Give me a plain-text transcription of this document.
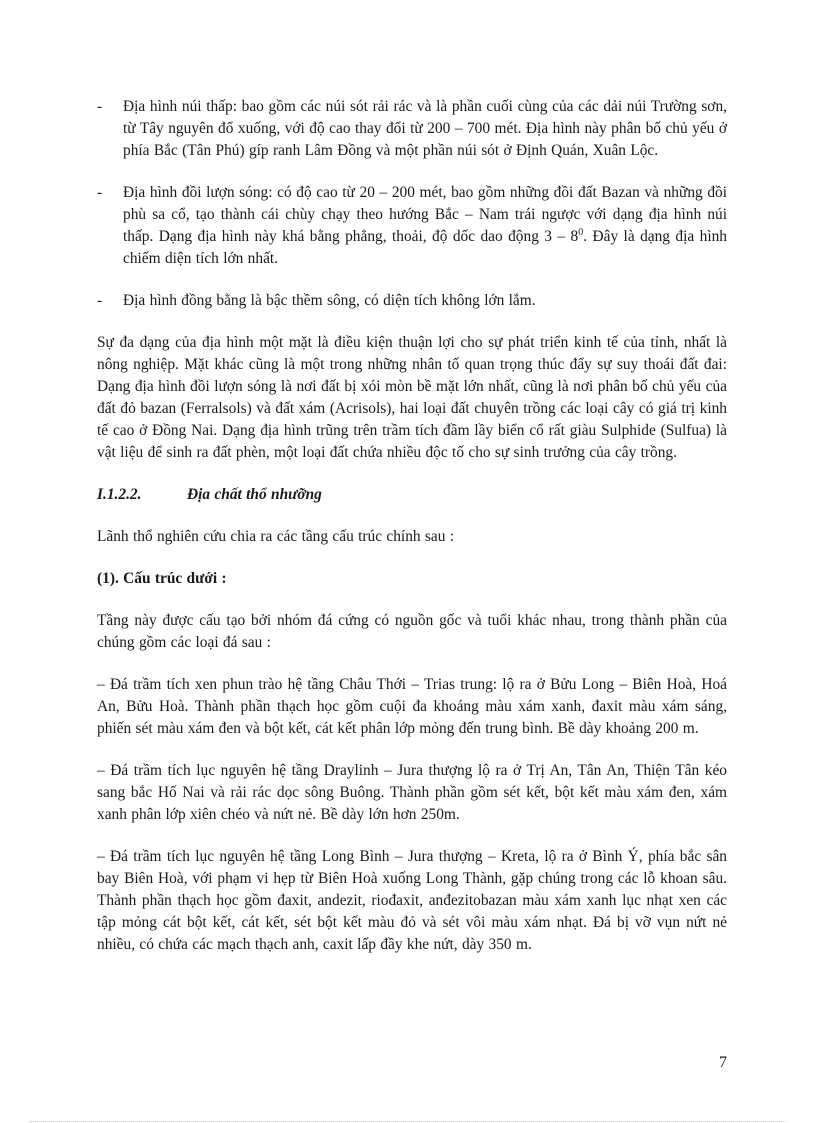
-	Địa hình núi thấp: bao gồm các núi sót rải rác và là phần cuối cùng của các dải núi Trường sơn, từ Tây nguyên đổ xuống, với độ cao thay đổi từ 200 – 700 mét. Địa hình này phân bố chủ yếu ở phía Bắc (Tân Phú) gíp ranh Lâm Đồng và một phần núi sót ở Định Quán, Xuân Lộc.
-	Địa hình đồi lượn sóng: có độ cao từ 20 – 200 mét, bao gồm những đồi đất Bazan và những đồi phù sa cổ, tạo thành cái chùy chạy theo hướng Bắc – Nam trái ngược với dạng địa hình núi thấp. Dạng địa hình này khá bằng phẳng, thoải, độ dốc dao động $3 - 8^0$. Đây là dạng địa hình chiếm diện tích lớn nhất.
-	Địa hình đồng bằng là bậc thềm sông, có diện tích không lớn lắm.

Sự đa dạng của địa hình một mặt là điều kiện thuận lợi cho sự phát triển kinh tế của tỉnh, nhất là nông nghiệp. Mặt khác cũng là một trong những nhân tố quan trọng thúc đẩy sự suy thoái đất đai: Dạng địa hình đồi lượn sóng là nơi đất bị xói mòn bề mặt lớn nhất, cũng là nơi phân bố chủ yếu của đất đỏ bazan (Ferralsols) và đất xám (Acrisols), hai loại đất chuyên trồng các loại cây có giá trị kinh tế cao ở Đồng Nai. Dạng địa hình trũng trên trầm tích đầm lầy biển cổ rất giàu Sulphide (Sulfua) là vật liệu để sinh ra đất phèn, một loại đất chứa nhiều độc tố cho sự sinh trưởng của cây trồng.

I.1.2.2.	Địa chất thổ nhưỡng

Lãnh thổ nghiên cứu chia ra các tầng cấu trúc chính sau :

(1). Cấu trúc dưới :

Tầng này được cấu tạo bởi nhóm đá cứng có nguồn gốc và tuổi khác nhau, trong thành phần của chúng gồm các loại đá sau :

– Đá trầm tích xen phun trào hệ tầng Châu Thới – Trias trung: lộ ra ở Bửu Long – Biên Hoà, Hoá An, Bửu Hoà. Thành phần thạch học gồm cuội đa khoáng màu xám xanh, đaxit màu xám sáng, phiến sét màu xám đen và bột kết, cát kết phân lớp mỏng đến trung bình. Bề dày khoảng 200 m.

– Đá trầm tích lục nguyên hệ tầng Draylinh – Jura thượng lộ ra ở Trị An, Tân An, Thiện Tân kéo sang bắc Hố Nai và rải rác dọc sông Buông. Thành phần gồm sét kết, bột kết màu xám đen, xám xanh phân lớp xiên chéo và nứt nẻ. Bề dày lớn hơn 250m.

– Đá trầm tích lục nguyên hệ tầng Long Bình – Jura thượng – Kreta, lộ ra ở Bình Ý, phía bắc sân bay Biên Hoà, với phạm vi hẹp từ Biên Hoà xuống Long Thành, gặp chúng trong các lỗ khoan sâu. Thành phần thạch học gồm đaxit, andezit, riođaxit, anđezitobazan màu xám xanh lục nhạt xen các tập mỏng cát bột kết, cát kết, sét bột kết màu đỏ và sét vôi màu xám nhạt. Đá bị vỡ vụn nứt nẻ nhiều, có chứa các mạch thạch anh, caxit lấp đầy khe nứt, dày 350 m.

7
